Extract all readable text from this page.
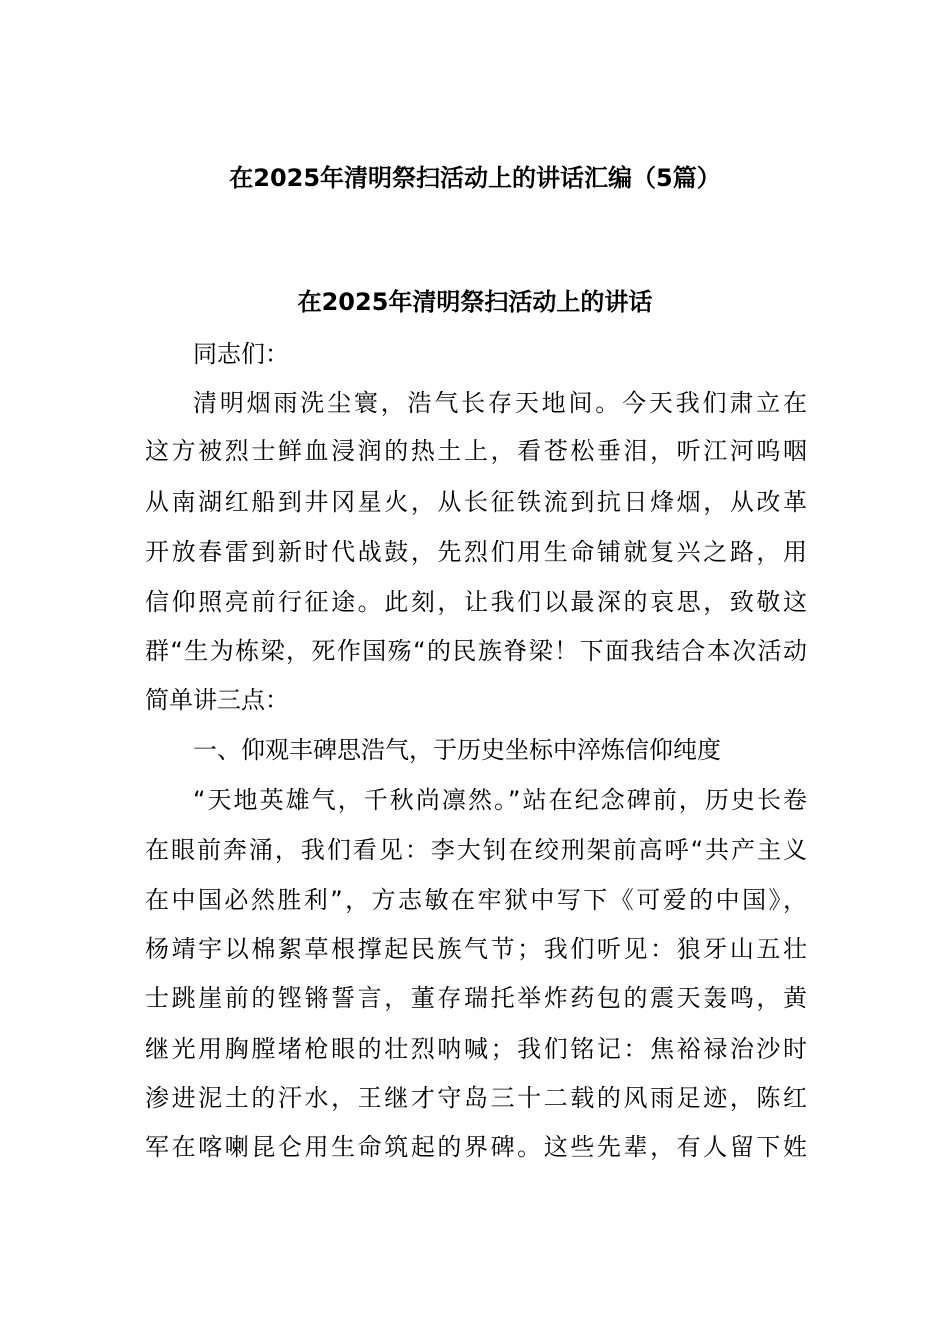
在2025年清明祭扫活动上的讲话汇编（5篇）
在2025年清明祭扫活动上的讲话

同志们：

清明烟雨洗尘寰，浩气长存天地间。今天我们肃立在

这方被烈士鲜血浸润的热土上，看苍松垂泪，听江河呜咽

从南湖红船到井冈星火，从长征铁流到抗日烽烟，从改革

开放春雷到新时代战鼓，先烈们用生命铺就复兴之路，用

信仰照亮前行征途。此刻，让我们以最深的哀思，致敬这

群“生为栋梁，死作国殇“的民族脊梁！下面我结合本次活动

简单讲三点：

一、仰观丰碑思浩气，于历史坐标中淬炼信仰纯度

“天地英雄气，千秋尚凛然。”站在纪念碑前，历史长卷

在眼前奔涌，我们看见：李大钊在绞刑架前高呼“共产主义

在中国必然胜利”，方志敏在牢狱中写下《可爱的中国》，

杨靖宇以棉絮草根撑起民族气节；我们听见：狼牙山五壮

士跳崖前的铿锵誓言，董存瑞托举炸药包的震天轰鸣，黄

继光用胸膛堵枪眼的壮烈呐喊；我们铭记：焦裕禄治沙时

渗进泥土的汗水，王继才守岛三十二载的风雨足迹，陈红

军在喀喇昆仑用生命筑起的界碑。这些先辈，有人留下姓
